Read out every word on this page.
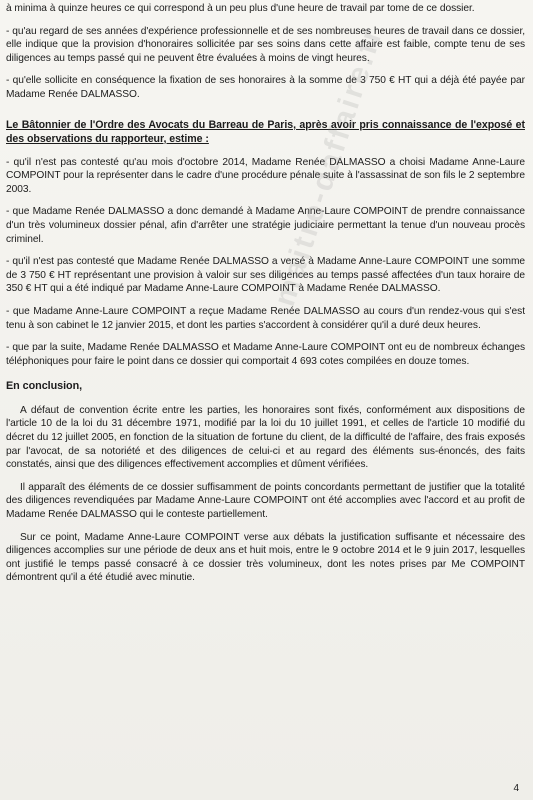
à minima à quinze heures ce qui correspond à un peu plus d'une heure de travail par tome de ce dossier.

- qu'au regard de ses années d'expérience professionnelle et de ses nombreuses heures de travail dans ce dossier, elle indique que la provision d'honoraires sollicitée par ses soins dans cette affaire est faible, compte tenu de ses diligences au temps passé qui ne peuvent être évaluées à moins de vingt heures.

- qu'elle sollicite en conséquence la fixation de ses honoraires à la somme de 3 750 € HT qui a déjà été payée par Madame Renée DALMASSO.

Le Bâtonnier de l'Ordre des Avocats du Barreau de Paris, après avoir pris connaissance de l'exposé et des observations du rapporteur, estime :

- qu'il n'est pas contesté qu'au mois d'octobre 2014, Madame Renée DALMASSO a choisi Madame Anne-Laure COMPOINT pour la représenter dans le cadre d'une procédure pénale suite à l'assassinat de son fils le 2 septembre 2003.

- que Madame Renée DALMASSO a donc demandé à Madame Anne-Laure COMPOINT de prendre connaissance d'un très volumineux dossier pénal, afin d'arrêter une stratégie judiciaire permettant la tenue d'un nouveau procès criminel.

- qu'il n'est pas contesté que Madame Renée DALMASSO a versé à Madame Anne-Laure COMPOINT une somme de 3 750 € HT représentant une provision à valoir sur ses diligences au temps passé affectées d'un taux horaire de 350 € HT qui a été indiqué par Madame Anne-Laure COMPOINT à Madame Renée DALMASSO.

- que Madame Anne-Laure COMPOINT a reçue Madame Renée DALMASSO au cours d'un rendez-vous qui s'est tenu à son cabinet le 12 janvier 2015, et dont les parties s'accordent à considérer qu'il a duré deux heures.

- que par la suite, Madame Renée DALMASSO et Madame Anne-Laure COMPOINT ont eu de nombreux échanges téléphoniques pour faire le point dans ce dossier qui comportait 4 693 cotes compilées en douze tomes.

En conclusion,

A défaut de convention écrite entre les parties, les honoraires sont fixés, conformément aux dispositions de l'article 10 de la loi du 31 décembre 1971, modifié par la loi du 10 juillet 1991, et celles de l'article 10 modifié du décret du 12 juillet 2005, en fonction de la situation de fortune du client, de la difficulté de l'affaire, des frais exposés par l'avocat, de sa notoriété et des diligences de celui-ci et au regard des éléments sus-énoncés, des faits constatés, ainsi que des diligences effectivement accomplies et dûment vérifiées.

Il apparaît des éléments de ce dossier suffisamment de points concordants permettant de justifier que la totalité des diligences revendiquées par Madame Anne-Laure COMPOINT ont été accomplies avec l'accord et au profit de Madame Renée DALMASSO qui le conteste partiellement.

Sur ce point, Madame Anne-Laure COMPOINT verse aux débats la justification suffisante et nécessaire des diligences accomplies sur une période de deux ans et huit mois, entre le 9 octobre 2014 et le 9 juin 2017, lesquelles ont justifié le temps passé consacré à ce dossier très volumineux, dont les notes prises par Me COMPOINT démontrent qu'il a été étudié avec minutie.

maitre-daffaire.fr
4
